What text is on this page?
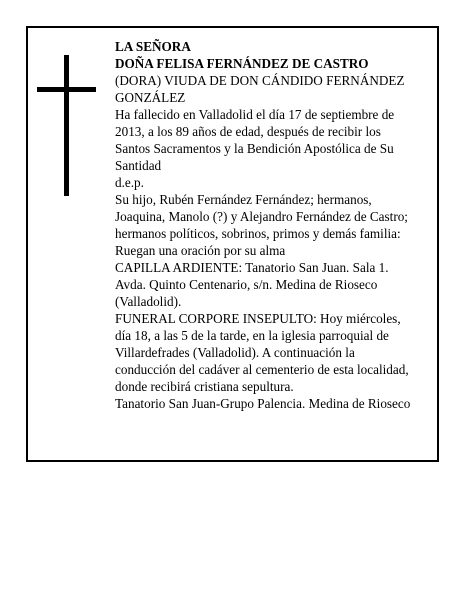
LA SEÑORA
DOÑA FELISA FERNÁNDEZ DE CASTRO
(DORA) VIUDA DE DON CÁNDIDO FERNÁNDEZ
GONZÁLEZ
Ha fallecido en Valladolid el día 17 de septiembre de
2013, a los 89 años de edad, después de recibir los
Santos Sacramentos y la Bendición Apostólica de Su
Santidad
d.e.p.
Su hijo, Rubén Fernández Fernández; hermanos,
Joaquina, Manolo (?) y Alejandro Fernández de Castro;
hermanos políticos, sobrinos, primos y demás familia:
Ruegan una oración por su alma
CAPILLA ARDIENTE: Tanatorio San Juan. Sala 1.
Avda. Quinto Centenario, s/n. Medina de Rioseco
(Valladolid).
FUNERAL CORPORE INSEPULTO: Hoy miércoles,
día 18, a las 5 de la tarde, en la iglesia parroquial de
Villardefrades (Valladolid). A continuación la
conducción del cadáver al cementerio de esta localidad,
donde recibirá cristiana sepultura.
Tanatorio San Juan-Grupo Palencia. Medina de Rioseco
